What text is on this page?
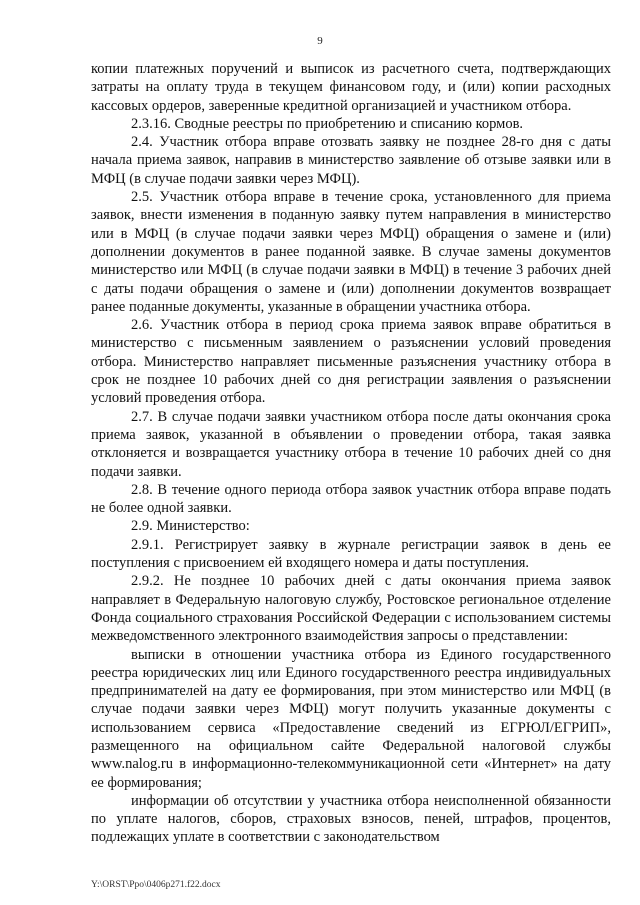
9

копии платежных поручений и выписок из расчетного счета, подтверждающих затраты на оплату труда в текущем финансовом году, и (или) копии расходных кассовых ордеров, заверенные кредитной организацией и участником отбора.

2.3.16. Сводные реестры по приобретению и списанию кормов.

2.4. Участник отбора вправе отозвать заявку не позднее 28-го дня с даты начала приема заявок, направив в министерство заявление об отзыве заявки или в МФЦ (в случае подачи заявки через МФЦ).

2.5. Участник отбора вправе в течение срока, установленного для приема заявок, внести изменения в поданную заявку путем направления в министерство или в МФЦ (в случае подачи заявки через МФЦ) обращения о замене и (или) дополнении документов в ранее поданной заявке. В случае замены документов министерство или МФЦ (в случае подачи заявки в МФЦ) в течение 3 рабочих дней с даты подачи обращения о замене и (или) дополнении документов возвращает ранее поданные документы, указанные в обращении участника отбора.

2.6. Участник отбора в период срока приема заявок вправе обратиться в министерство с письменным заявлением о разъяснении условий проведения отбора. Министерство направляет письменные разъяснения участнику отбора в срок не позднее 10 рабочих дней со дня регистрации заявления о разъяснении условий проведения отбора.

2.7. В случае подачи заявки участником отбора после даты окончания срока приема заявок, указанной в объявлении о проведении отбора, такая заявка отклоняется и возвращается участнику отбора в течение 10 рабочих дней со дня подачи заявки.

2.8. В течение одного периода отбора заявок участник отбора вправе подать не более одной заявки.

2.9. Министерство:

2.9.1. Регистрирует заявку в журнале регистрации заявок в день ее поступления с присвоением ей входящего номера и даты поступления.

2.9.2. Не позднее 10 рабочих дней с даты окончания приема заявок направляет в Федеральную налоговую службу, Ростовское региональное отделение Фонда социального страхования Российской Федерации с использованием системы межведомственного электронного взаимодействия запросы о представлении:

выписки в отношении участника отбора из Единого государственного реестра юридических лиц или Единого государственного реестра индивидуальных предпринимателей на дату ее формирования, при этом министерство или МФЦ (в случае подачи заявки через МФЦ) могут получить указанные документы с использованием сервиса «Предоставление сведений из ЕГРЮЛ/ЕГРИП», размещенного на официальном сайте Федеральной налоговой службы www.nalog.ru в информационно-телекоммуникационной сети «Интернет» на дату ее формирования;

информации об отсутствии у участника отбора неисполненной обязанности по уплате налогов, сборов, страховых взносов, пеней, штрафов, процентов, подлежащих уплате в соответствии с законодательством

Y:\ORST\Ppo\0406p271.f22.docx
